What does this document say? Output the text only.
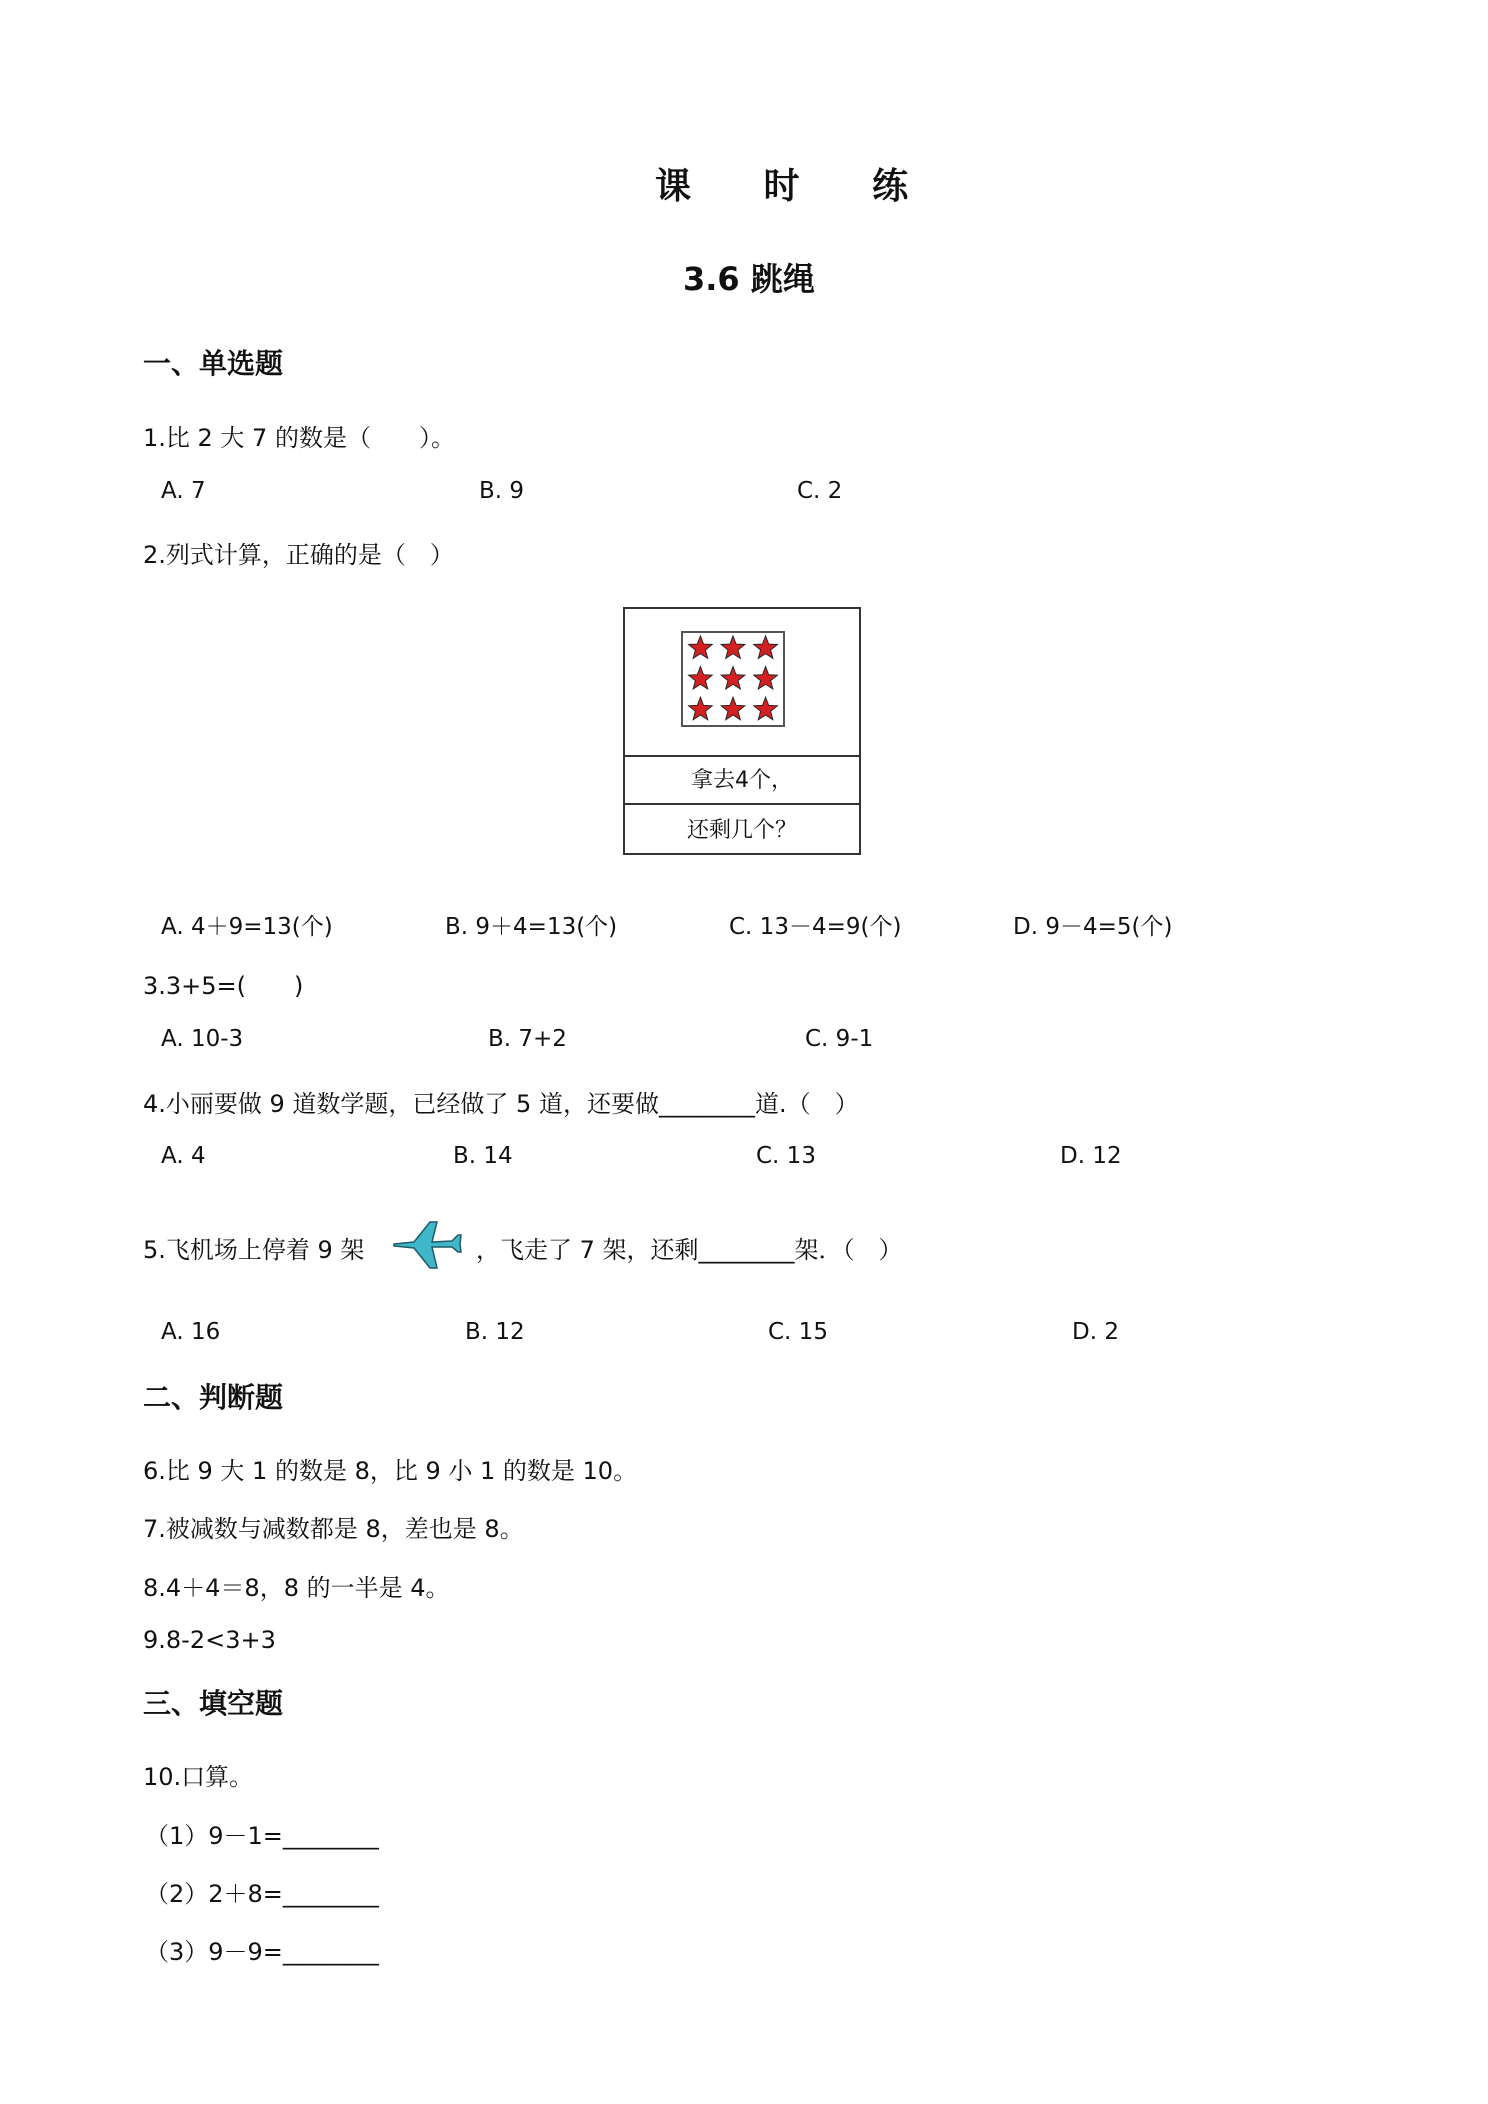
课 时 练
3.6 跳绳
一、单选题
1.比 2 大 7 的数是（　　）。
A. 7	B. 9	C. 2
2.列式计算，正确的是（　）
拿去4个，
还剩几个？
A. 4＋9=13(个)	B. 9＋4=13(个)	C. 13－4=9(个)	D. 9－4=5(个)
3.3+5=(　　)
A. 10-3	B. 7+2	C. 9-1
4.小丽要做 9 道数学题，已经做了 5 道，还要做________道.（　）
A. 4	B. 14	C. 13	D. 12
5.飞机场上停着 9 架	，飞走了 7 架，还剩________架．（　）
A. 16	B. 12	C. 15	D. 2
二、判断题
6.比 9 大 1 的数是 8，比 9 小 1 的数是 10。
7.被减数与减数都是 8，差也是 8。
8.4＋4＝8，8 的一半是 4。
9.8-2<3+3
三、填空题
10.口算。
（1）9－1=________
（2）2＋8=________
（3）9－9=________
